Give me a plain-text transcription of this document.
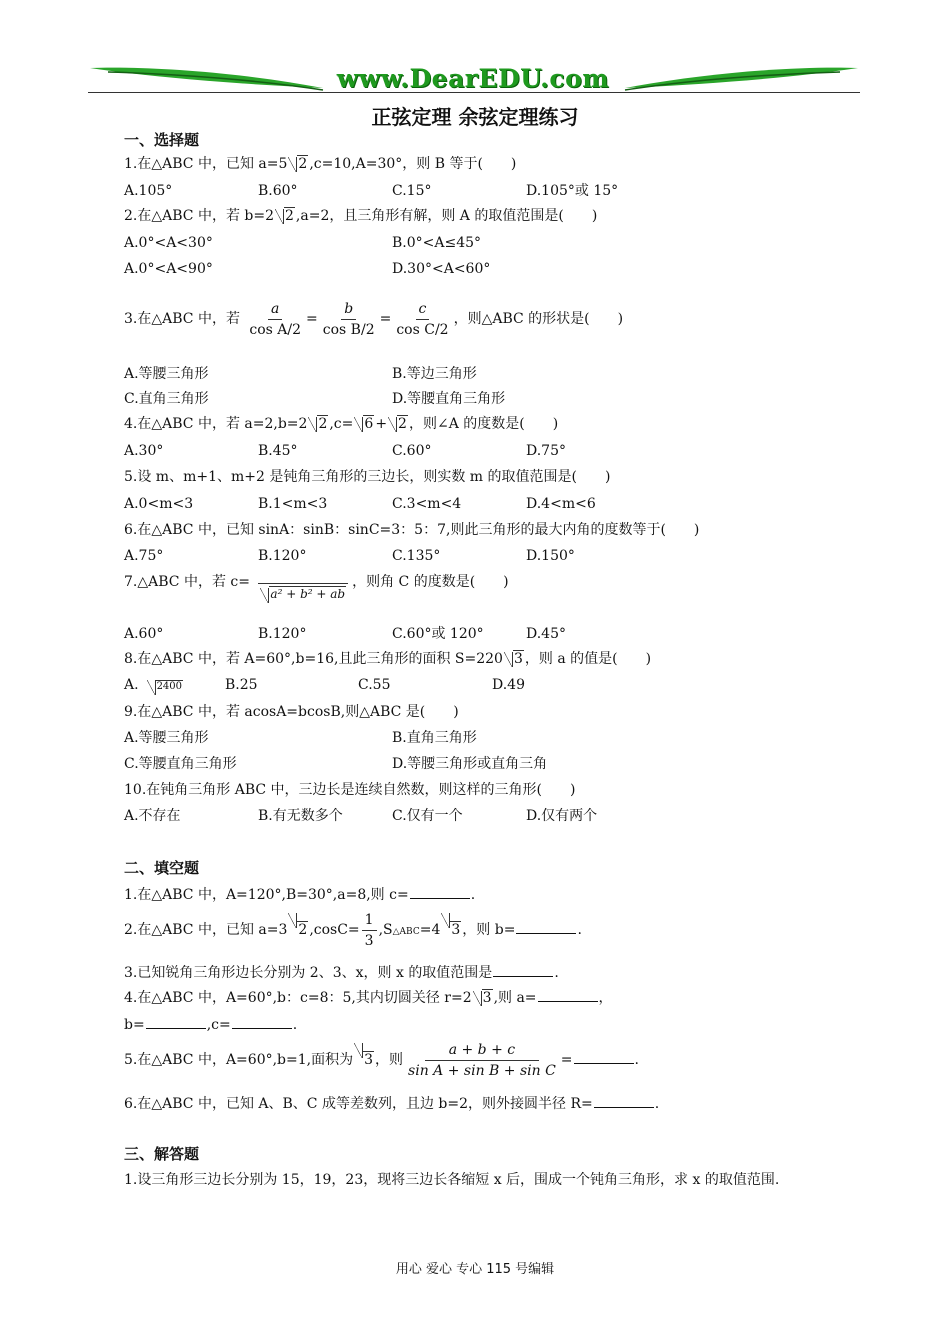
www.DearEDU.com
正弦定理 余弦定理练习
一、选择题
1.在△ABC 中，已知 a=5 2 ,c=10,A=30°，则 B 等于(　　)
A.105°	B.60°	C.15°	D.105°或 15°
2.在△ABC 中，若 b=2 2 ,a=2，且三角形有解，则 A 的取值范围是(　　)
A.0°<A<30°	B.0°<A≤45°
A.0°<A<90°	D.30°<A<60°
3.在△ABC 中，若 $\frac{a}{\text{cos A/2}} = \frac{b}{\text{cos B/2}} = \frac{c}{\text{cos C/2}}$ ，则△ABC 的形状是(　　)
A.等腰三角形	B.等边三角形
C.直角三角形	D.等腰直角三角形
4.在△ABC 中，若 a=2,b=2 2 ,c= 6 + 2 ，则∠A 的度数是(　　)
A.30°	B.45°	C.60°	D.75°
5.设 m、m+1、m+2 是钝角三角形的三边长，则实数 m 的取值范围是(　　)
A.0<m<3	B.1<m<3	C.3<m<4	D.4<m<6
6.在△ABC 中，已知 sinA：sinB：sinC=3：5：7,则此三角形的最大内角的度数等于(　　)
A.75°	B.120°	C.135°	D.150°
7.△ABC 中，若 c=
a² + b² + ab
，则角 C 的度数是(　　)
A.60°	B.120°	C.60°或 120°	D.45°
8.在△ABC 中，若 A=60°,b=16,且此三角形的面积 S=220 3 ，则 a 的值是(　　)
A.  2400	B.25	C.55	D.49
9.在△ABC 中，若 acosA=bcosB,则△ABC 是(　　)
A.等腰三角形	B.直角三角形
C.等腰直角三角形	D.等腰三角形或直角三角
10.在钝角三角形 ABC 中，三边长是连续自然数，则这样的三角形(　　)
A.不存在	B.有无数多个	C.仅有一个	D.仅有两个
二、填空题
1.在△ABC 中，A=120°,B=30°,a=8,则 c=	.
2.在△ABC 中，已知 a=3 2 $,\cos C= \frac{1}{3}$ ,S△ABC=4 3 ，则 b=	.
3.已知锐角三角形边长分别为 2、3、x，则 x 的取值范围是	.
4.在△ABC 中，A=60°,b：c=8：5,其内切圆关径 r=2 3 ,则 a=	，
b=	,c=	.
5.在△ABC 中，A=60°,b=1,面积为 3 ，则 $\frac{a + b + c}{\text{sin A + sin B + sin C}}$ =	.
6.在△ABC 中，已知 A、B、C 成等差数列，且边 b=2，则外接圆半径 R=	.
三、解答题
1.设三角形三边长分别为 15，19，23，现将三边长各缩短 x 后，围成一个钝角三角形，求 x 的取值范围.
用心 爱心 专心 115 号编辑
